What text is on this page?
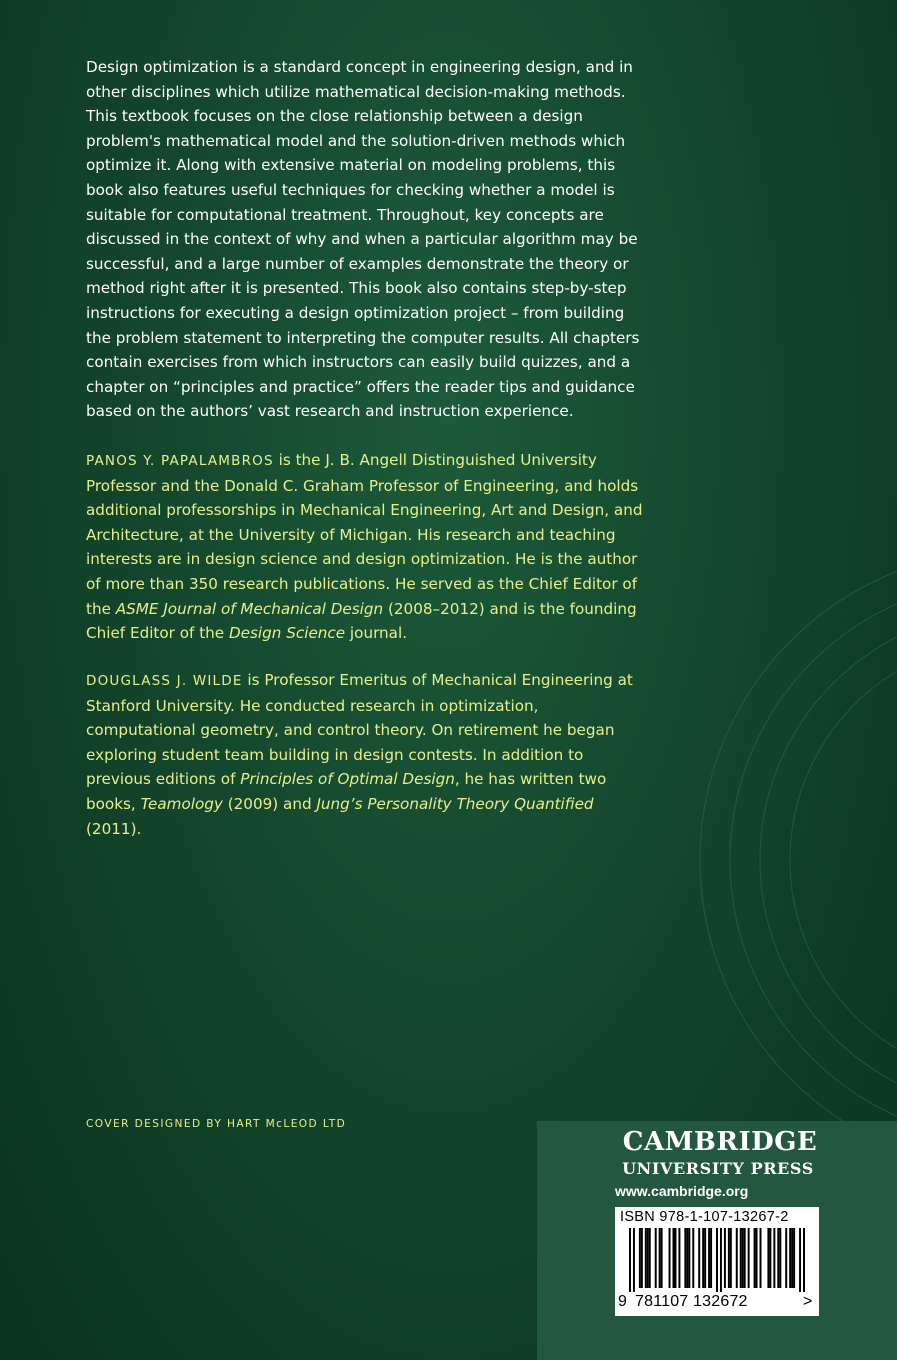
Design optimization is a standard concept in engineering design, and in other disciplines which utilize mathematical decision-making methods. This textbook focuses on the close relationship between a design problem's mathematical model and the solution-driven methods which optimize it. Along with extensive material on modeling problems, this book also features useful techniques for checking whether a model is suitable for computational treatment. Throughout, key concepts are discussed in the context of why and when a particular algorithm may be successful, and a large number of examples demonstrate the theory or method right after it is presented. This book also contains step-by-step instructions for executing a design optimization project – from building the problem statement to interpreting the computer results. All chapters contain exercises from which instructors can easily build quizzes, and a chapter on “principles and practice” offers the reader tips and guidance based on the authors’ vast research and instruction experience.
PANOS Y. PAPALAMBROS is the J. B. Angell Distinguished University Professor and the Donald C. Graham Professor of Engineering, and holds additional professorships in Mechanical Engineering, Art and Design, and Architecture, at the University of Michigan. His research and teaching interests are in design science and design optimization. He is the author of more than 350 research publications. He served as the Chief Editor of the ASME Journal of Mechanical Design (2008–2012) and is the founding Chief Editor of the Design Science journal.
DOUGLASS J. WILDE is Professor Emeritus of Mechanical Engineering at Stanford University. He conducted research in optimization, computational geometry, and control theory. On retirement he began exploring student team building in design contests. In addition to previous editions of Principles of Optimal Design, he has written two books, Teamology (2009) and Jung’s Personality Theory Quantified (2011).
COVER DESIGNED BY HART McLEOD LTD
CAMBRIDGE
UNIVERSITY PRESS
www.cambridge.org
ISBN 978-1-107-13267-2
9 781107 132672	>
